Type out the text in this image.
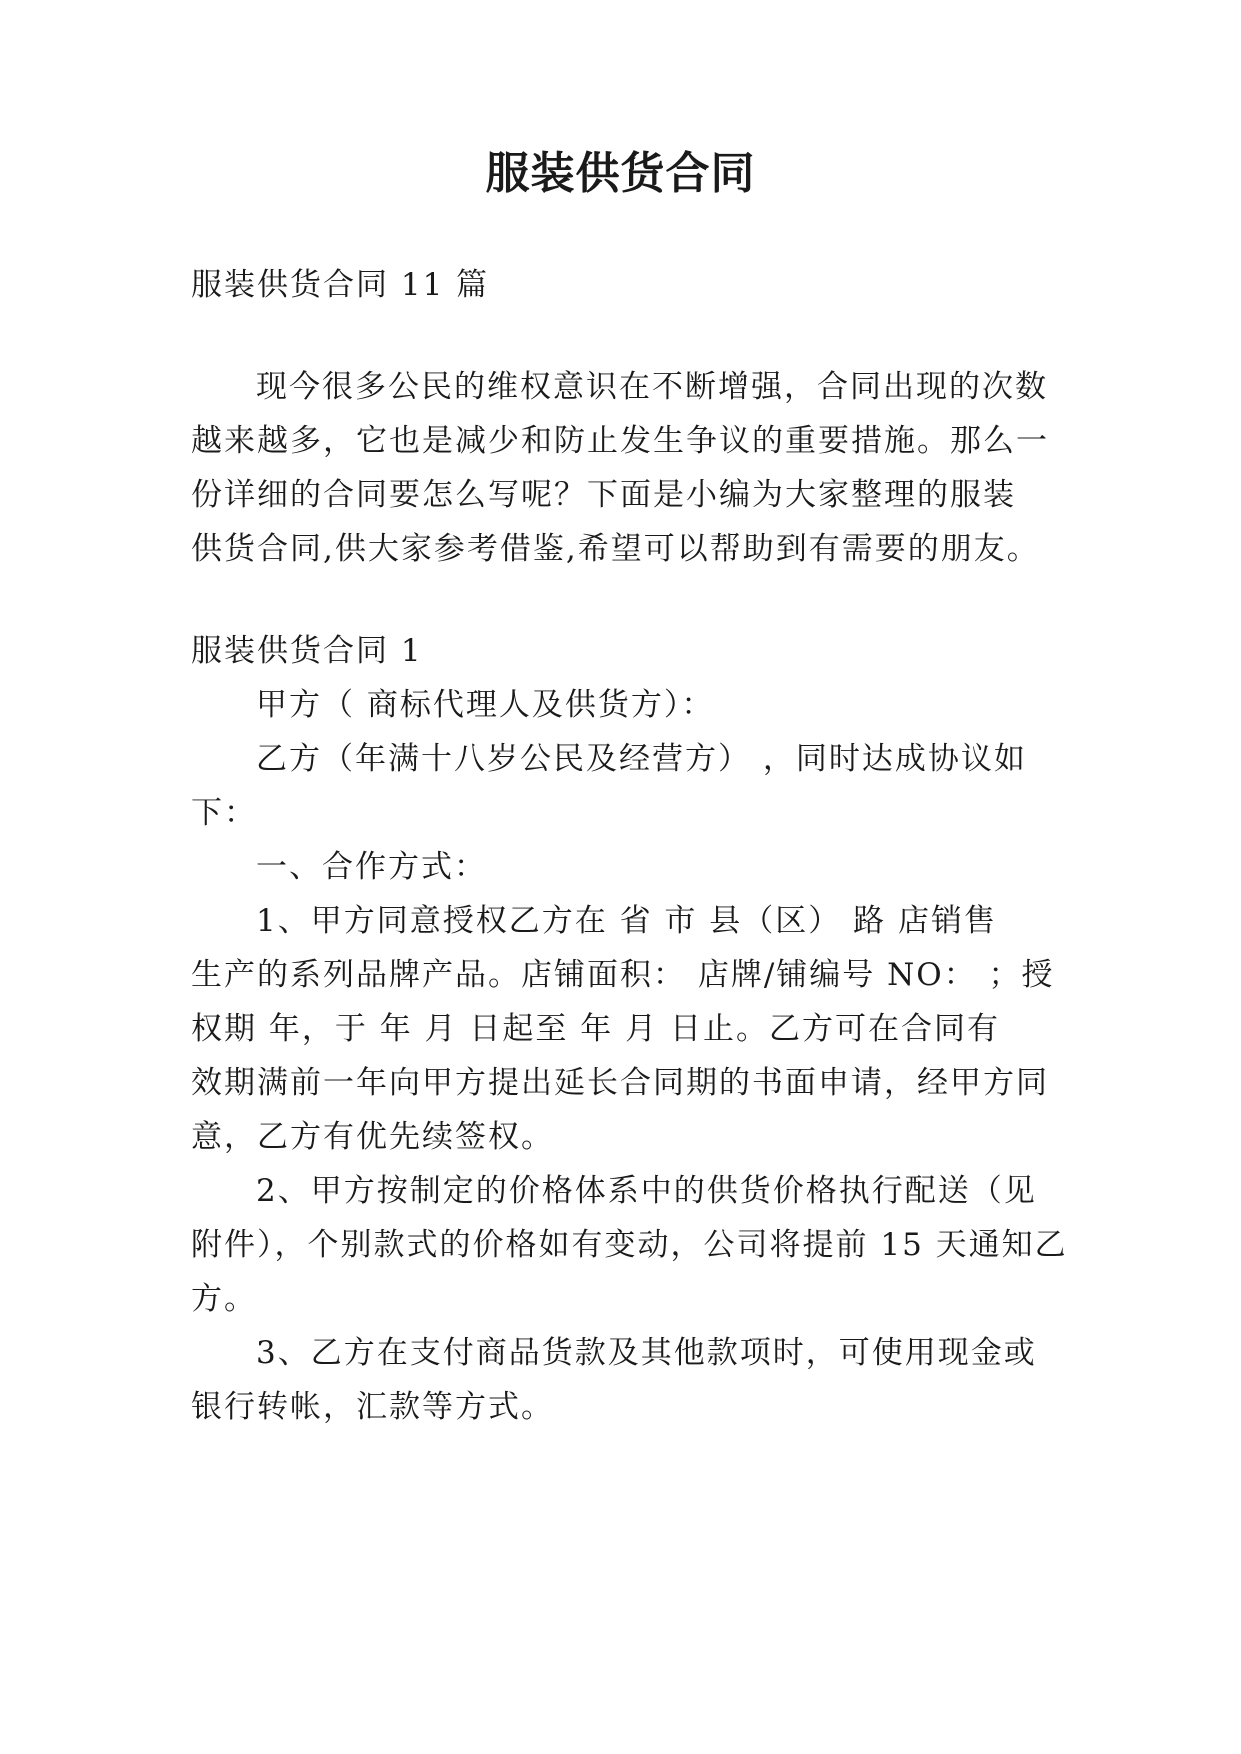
服装供货合同
服装供货合同 11 篇
现今很多公民的维权意识在不断增强，合同出现的次数
越来越多，它也是减少和防止发生争议的重要措施。那么一
份详细的合同要怎么写呢？下面是小编为大家整理的服装
供货合同,供大家参考借鉴,希望可以帮助到有需要的朋友。
服装供货合同 1
甲方（ 商标代理人及供货方）：
乙方（年满十八岁公民及经营方） ，同时达成协议如
下：
一、合作方式：
1、甲方同意授权乙方在 省 市 县（区） 路 店销售
生产的系列品牌产品。店铺面积： 店牌/铺编号 NO： ；授
权期 年，于 年 月 日起至 年 月 日止。乙方可在合同有
效期满前一年向甲方提出延长合同期的书面申请，经甲方同
意，乙方有优先续签权。
2、甲方按制定的价格体系中的供货价格执行配送（见
附件），个别款式的价格如有变动，公司将提前 15 天通知乙
方。
3、乙方在支付商品货款及其他款项时，可使用现金或
银行转帐，汇款等方式。
